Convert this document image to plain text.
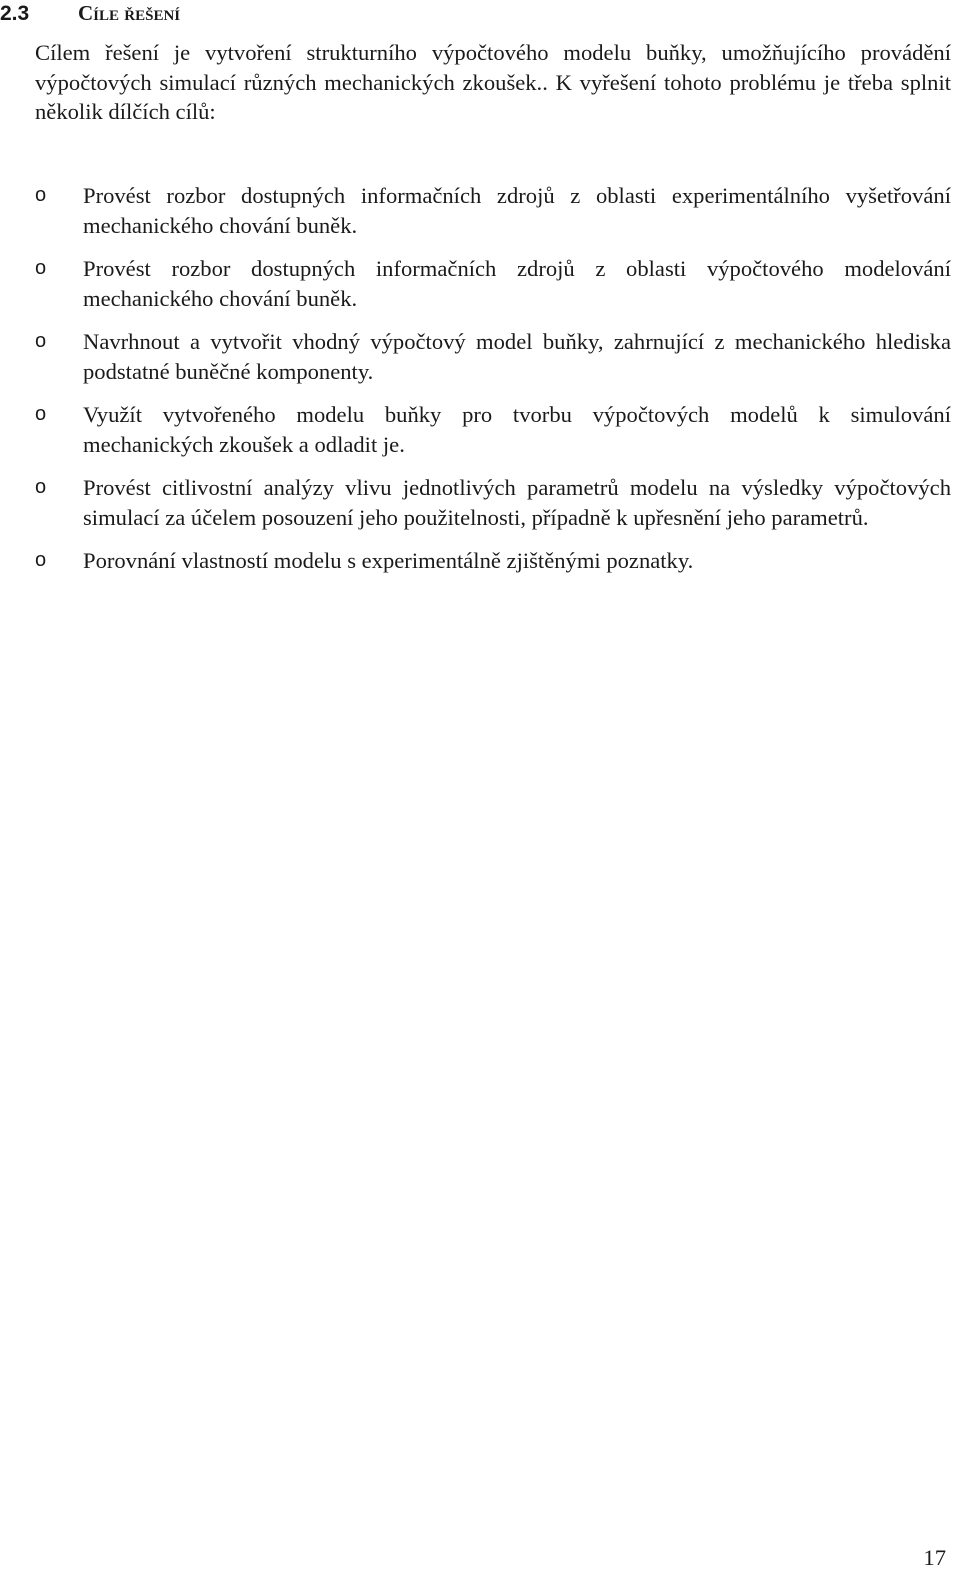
2.3 Cíle řešení

Cílem řešení je vytvoření strukturního výpočtového modelu buňky, umožňujícího provádění výpočtových simulací různých mechanických zkoušek.. K vyřešení tohoto problému je třeba splnit několik dílčích cílů:

o Provést rozbor dostupných informačních zdrojů z oblasti experimentálního vyšetřování mechanického chování buněk.
o Provést rozbor dostupných informačních zdrojů z oblasti výpočtového modelování mechanického chování buněk.
o Navrhnout a vytvořit vhodný výpočtový model buňky, zahrnující z mechanického hlediska podstatné buněčné komponenty.
o Využít vytvořeného modelu buňky pro tvorbu výpočtových modelů k simulování mechanických zkoušek a odladit je.
o Provést citlivostní analýzy vlivu jednotlivých parametrů modelu na výsledky výpočtových simulací za účelem posouzení jeho použitelnosti, případně k upřesnění jeho parametrů.
o Porovnání vlastností modelu s experimentálně zjištěnými poznatky.
17
